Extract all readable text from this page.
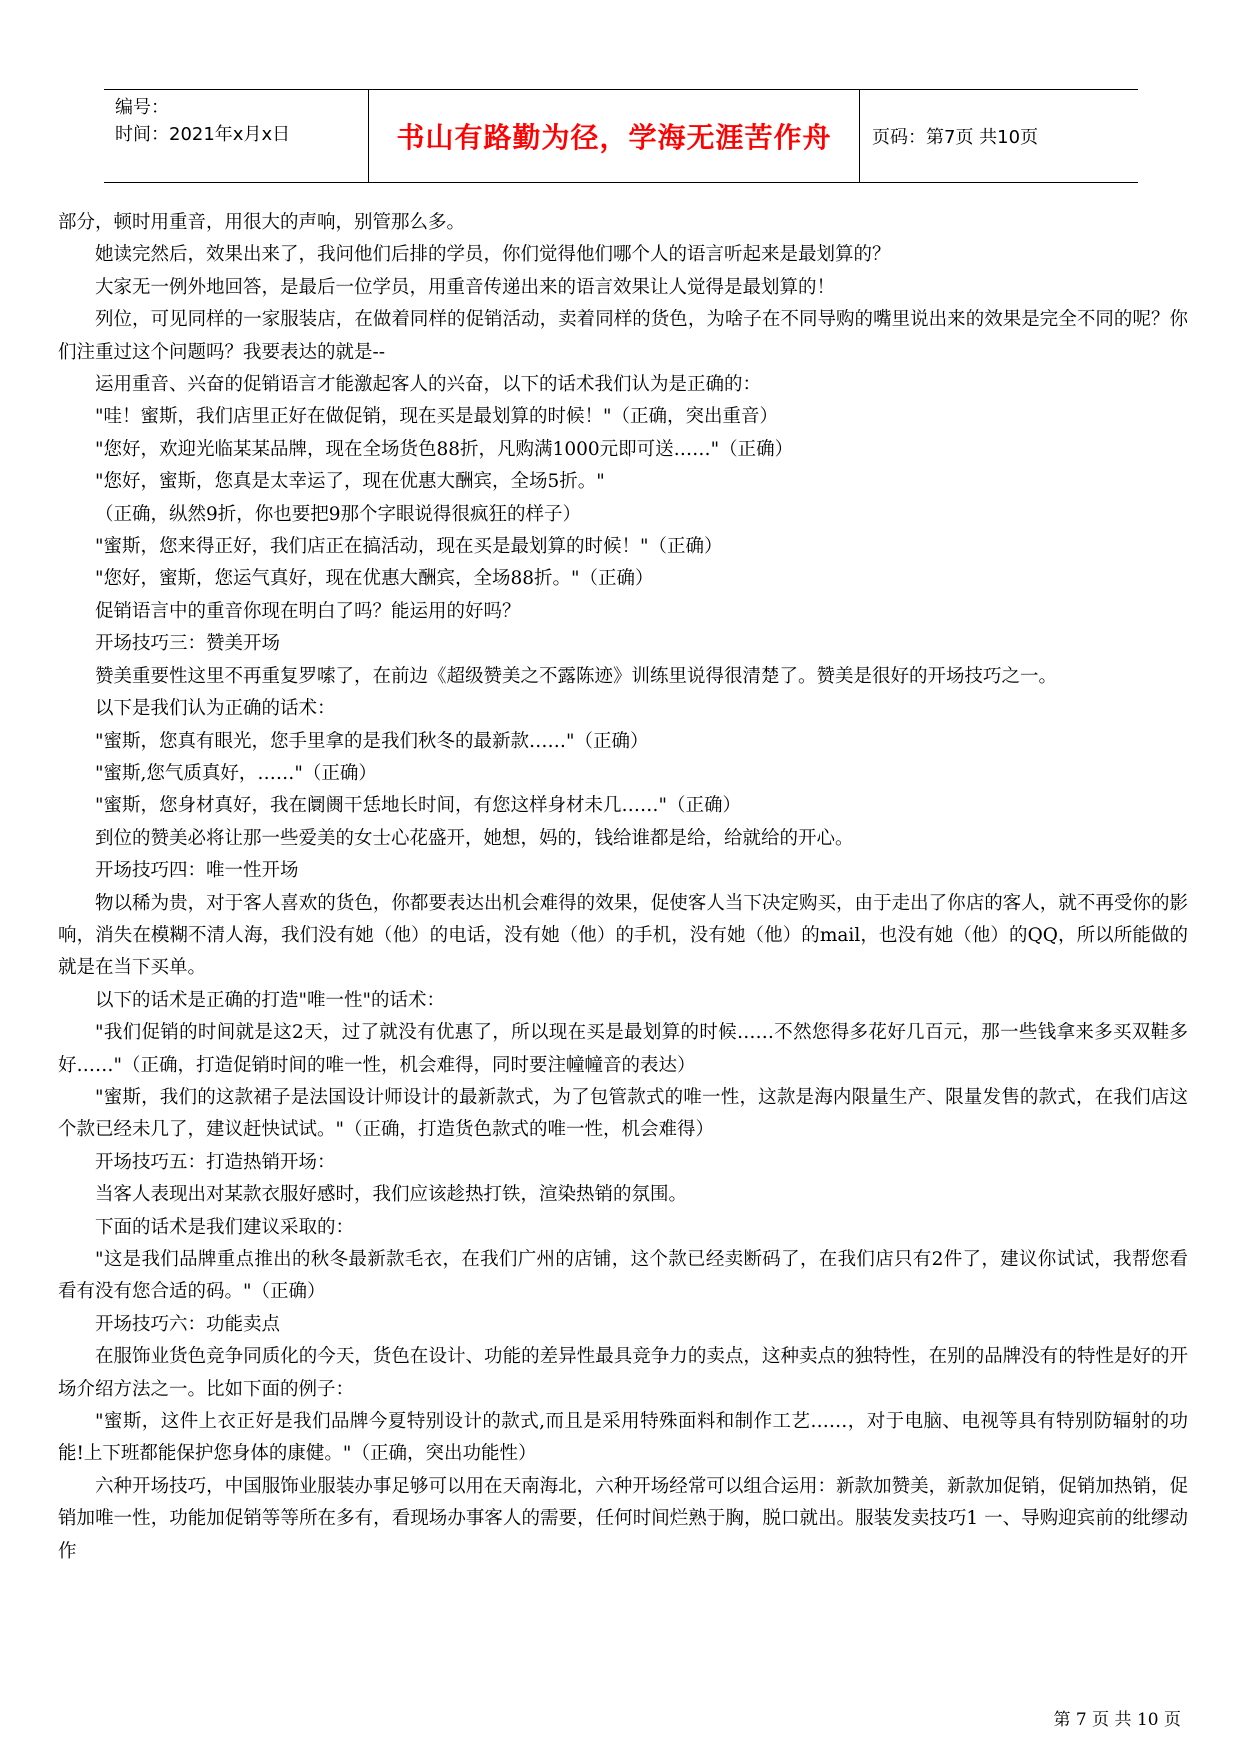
编号：
时间：2021年x月x日	书山有路勤为径，学海无涯苦作舟	页码：第7页 共10页

部分，顿时用重音，用很大的声响，别管那么多。

她读完然后，效果出来了，我问他们后排的学员，你们觉得他们哪个人的语言听起来是最划算的？

大家无一例外地回答，是最后一位学员，用重音传递出来的语言效果让人觉得是最划算的！

列位，可见同样的一家服装店，在做着同样的促销活动，卖着同样的货色，为啥子在不同导购的嘴里说出来的效果是完全不同的呢？你们注重过这个问题吗？我要表达的就是--

运用重音、兴奋的促销语言才能激起客人的兴奋，以下的话术我们认为是正确的：

"哇！蜜斯，我们店里正好在做促销，现在买是最划算的时候！"（正确，突出重音）

"您好，欢迎光临某某品牌，现在全场货色88折，凡购满1000元即可送……"（正确）

"您好，蜜斯，您真是太幸运了，现在优惠大酬宾，全场5折。"

（正确，纵然9折，你也要把9那个字眼说得很疯狂的样子）

"蜜斯，您来得正好，我们店正在搞活动，现在买是最划算的时候！"（正确）

"您好，蜜斯，您运气真好，现在优惠大酬宾，全场88折。"（正确）

促销语言中的重音你现在明白了吗？能运用的好吗？

开场技巧三：赞美开场

赞美重要性这里不再重复罗嗦了，在前边《超级赞美之不露陈迹》训练里说得很清楚了。赞美是很好的开场技巧之一。

以下是我们认为正确的话术：

"蜜斯，您真有眼光，您手里拿的是我们秋冬的最新款……"（正确）

"蜜斯,您气质真好，……"（正确）

"蜜斯，您身材真好，我在阛阓干恁地长时间，有您这样身材未几……"（正确）

到位的赞美必将让那一些爱美的女士心花盛开，她想，妈的，钱给谁都是给，给就给的开心。

开场技巧四：唯一性开场

物以稀为贵，对于客人喜欢的货色，你都要表达出机会难得的效果，促使客人当下决定购买，由于走出了你店的客人，就不再受你的影响，消失在模糊不清人海，我们没有她（他）的电话，没有她（他）的手机，没有她（他）的mail，也没有她（他）的QQ，所以所能做的就是在当下买单。

以下的话术是正确的打造"唯一性"的话术：

"我们促销的时间就是这2天，过了就没有优惠了，所以现在买是最划算的时候……不然您得多花好几百元，那一些钱拿来多买双鞋多好……"（正确，打造促销时间的唯一性，机会难得，同时要注幢幢音的表达）

"蜜斯，我们的这款裙子是法国设计师设计的最新款式，为了包管款式的唯一性，这款是海内限量生产、限量发售的款式，在我们店这个款已经未几了，建议赶快试试。"（正确，打造货色款式的唯一性，机会难得）

开场技巧五：打造热销开场：

当客人表现出对某款衣服好感时，我们应该趁热打铁，渲染热销的氛围。

下面的话术是我们建议采取的：

"这是我们品牌重点推出的秋冬最新款毛衣，在我们广州的店铺，这个款已经卖断码了，在我们店只有2件了，建议你试试，我帮您看看有没有您合适的码。"（正确）

开场技巧六：功能卖点

在服饰业货色竞争同质化的今天，货色在设计、功能的差异性最具竞争力的卖点，这种卖点的独特性，在别的品牌没有的特性是好的开场介绍方法之一。比如下面的例子：

"蜜斯，这件上衣正好是我们品牌今夏特别设计的款式,而且是采用特殊面料和制作工艺……，对于电脑、电视等具有特别防辐射的功能!上下班都能保护您身体的康健。"（正确，突出功能性）

六种开场技巧，中国服饰业服装办事足够可以用在天南海北，六种开场经常可以组合运用：新款加赞美，新款加促销，促销加热销，促销加唯一性，功能加促销等等所在多有，看现场办事客人的需要，任何时间烂熟于胸，脱口就出。服装发卖技巧1 一、导购迎宾前的纰缪动作

第 7 页 共 10 页
